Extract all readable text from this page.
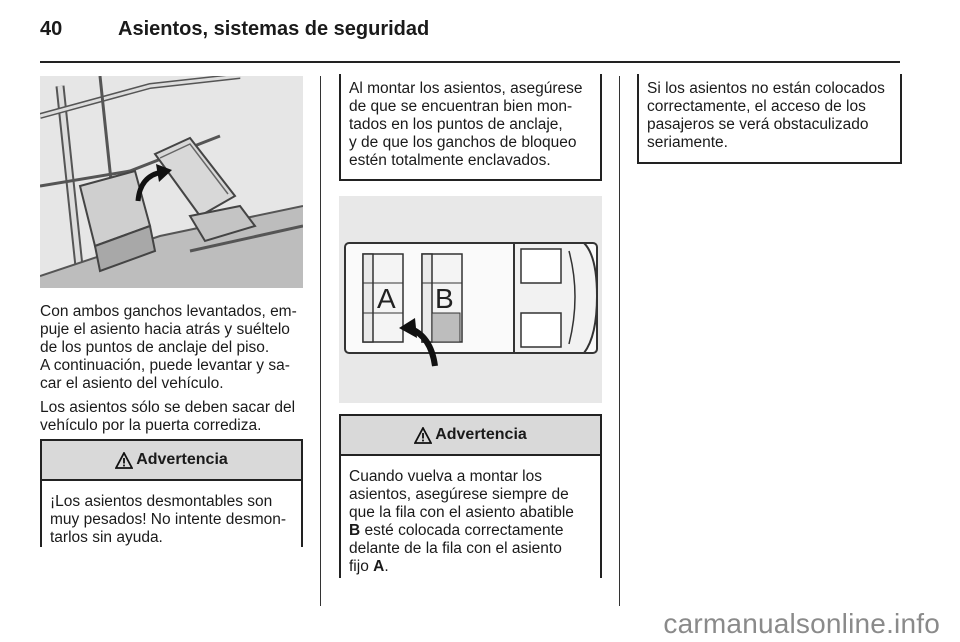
40	Asientos, sistemas de seguridad

Con ambos ganchos levantados, em-
puje el asiento hacia atrás y suéltelo
de los puntos de anclaje del piso.
A continuación, puede levantar y sa-
car el asiento del vehículo.

Los asientos sólo se deben sacar del
vehículo por la puerta corrediza.

Advertencia
¡Los asientos desmontables son
muy pesados! No intente desmon-
tarlos sin ayuda.
Al montar los asientos, asegúrese
de que se encuentran bien mon-
tados en los puntos de anclaje,
y de que los ganchos de bloqueo
estén totalmente enclavados.
A B
Advertencia
Cuando vuelva a montar los
asientos, asegúrese siempre de
que la fila con el asiento abatible
B esté colocada correctamente
delante de la fila con el asiento
fijo A.
Si los asientos no están colocados
correctamente, el acceso de los
pasajeros se verá obstaculizado
seriamente.
carmanualsonline.info
